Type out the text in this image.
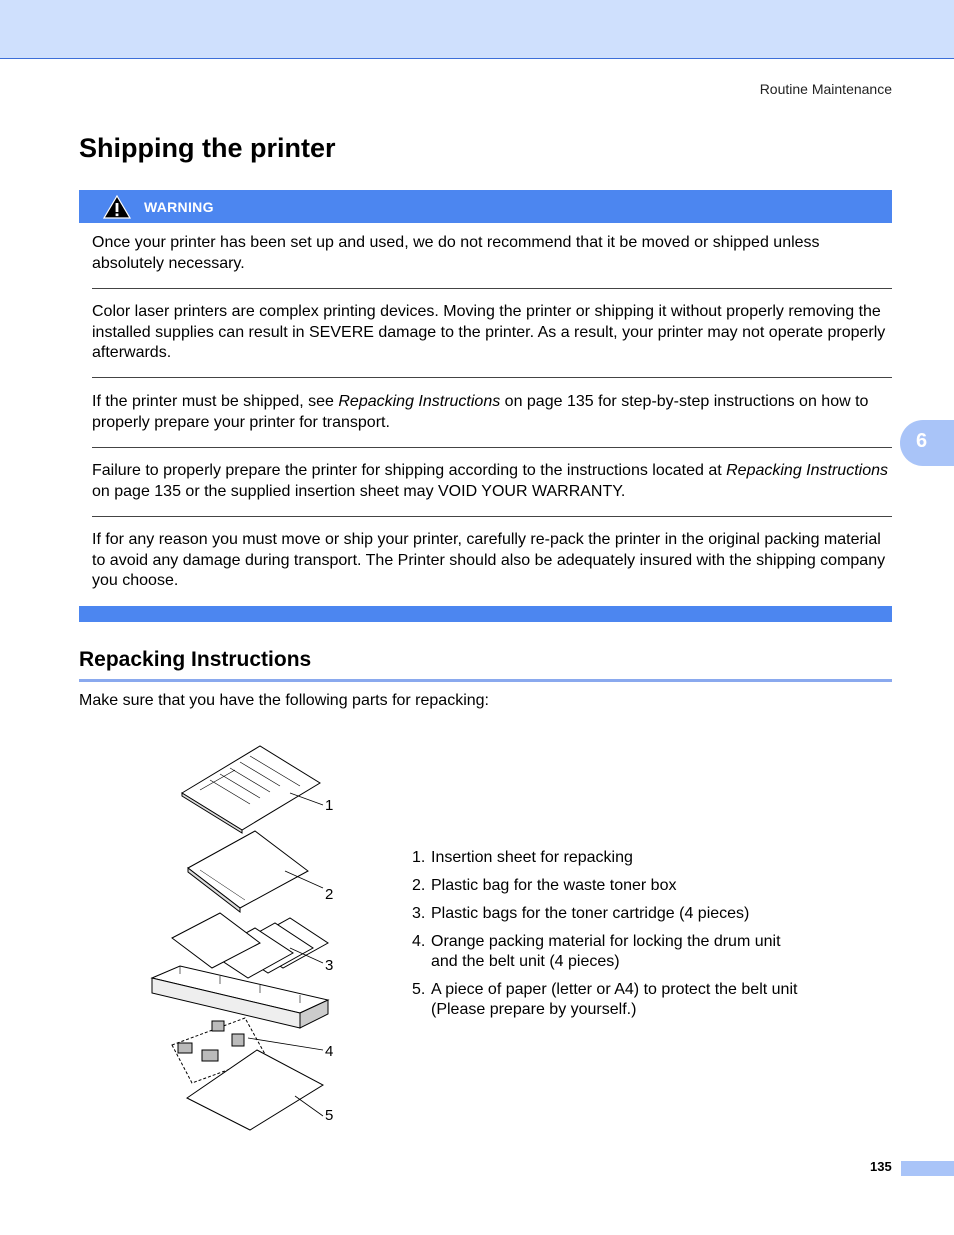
Routine Maintenance
Shipping the printer
WARNING

Once your printer has been set up and used, we do not recommend that it be moved or shipped unless absolutely necessary.

Color laser printers are complex printing devices. Moving the printer or shipping it without properly removing the installed supplies can result in SEVERE damage to the printer. As a result, your printer may not operate properly afterwards.

If the printer must be shipped, see Repacking Instructions on page 135 for step-by-step instructions on how to properly prepare your printer for transport.

Failure to properly prepare the printer for shipping according to the instructions located at Repacking Instructions on page 135 or the supplied insertion sheet may VOID YOUR WARRANTY.

If for any reason you must move or ship your printer, carefully re-pack the printer in the original packing material to avoid any damage during transport. The Printer should also be adequately insured with the shipping company you choose.

Repacking Instructions

Make sure that you have the following parts for repacking:

6
1
2
3
4
5
1. Insertion sheet for repacking
2. Plastic bag for the waste toner box
3. Plastic bags for the toner cartridge (4 pieces)
4. Orange packing material for locking the drum unit
and the belt unit (4 pieces)
5. A piece of paper (letter or A4) to protect the belt unit
(Please prepare by yourself.)
135
